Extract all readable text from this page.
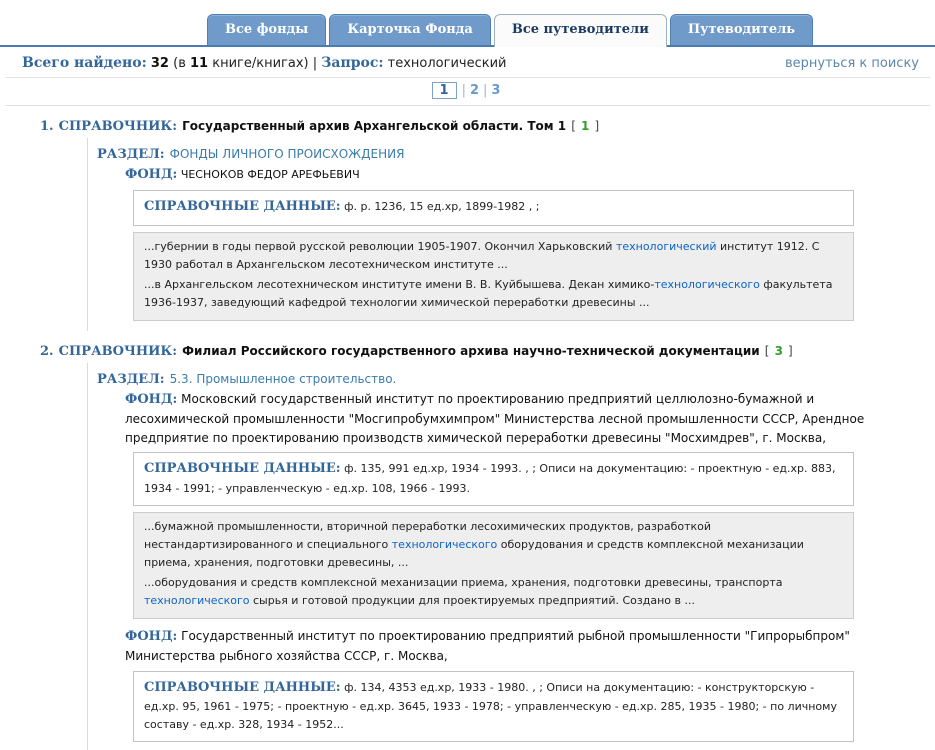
Все фонды	Карточка Фонда	Все путеводители	Путеводитель
Всего найдено: 32 (в 11 книге/книгах) | Запрос: технологический	вернуться к поиску
1 | 2 | 3
1. СПРАВОЧНИК: Государственный архив Архангельской области. Том 1 [ 1 ]
РАЗДЕЛ: ФОНДЫ ЛИЧНОГО ПРОИСХОЖДЕНИЯ
ФОНД: ЧЕСНОКОВ ФЕДОР АРЕФЬЕВИЧ
СПРАВОЧНЫЕ ДАННЫЕ: ф. р. 1236, 15 ед.хр, 1899-1982 , ;
...губернии в годы первой русской революции 1905-1907. Окончил Харьковский технологический институт 1912. С 1930 работал в Архангельском лесотехническом институте ...
...в Архангельском лесотехническом институте имени В. В. Куйбышева. Декан химико-технологического факультета 1936-1937, заведующий кафедрой технологии химической переработки древесины ...
2. СПРАВОЧНИК: Филиал Российского государственного архива научно-технической документации [ 3 ]
РАЗДЕЛ: 5.3. Промышленное строительство.
ФОНД: Московский государственный институт по проектированию предприятий целлюлозно-бумажной и лесохимической промышленности "Мосгипробумхимпром" Министерства лесной промышленности СССР, Арендное предприятие по проектированию производств химической переработки древесины "Мосхимдрев", г. Москва,
СПРАВОЧНЫЕ ДАННЫЕ: ф. 135, 991 ед.хр, 1934 - 1993. , ; Описи на документацию: - проектную - ед.хр. 883, 1934 - 1991; - управленческую - ед.хр. 108, 1966 - 1993.
...бумажной промышленности, вторичной переработки лесохимических продуктов, разработкой нестандартизированного и специального технологического оборудования и средств комплексной механизации приема, хранения, подготовки древесины, ...
...оборудования и средств комплексной механизации приема, хранения, подготовки древесины, транспорта технологического сырья и готовой продукции для проектируемых предприятий. Создано в ...
ФОНД: Государственный институт по проектированию предприятий рыбной промышленности "Гипрорыбпром" Министерства рыбного хозяйства СССР, г. Москва,
СПРАВОЧНЫЕ ДАННЫЕ: ф. 134, 4353 ед.хр, 1933 - 1980. , ; Описи на документацию: - конструкторскую - ед.хр. 95, 1961 - 1975; - проектную - ед.хр. 3645, 1933 - 1978; - управленческую - ед.хр. 285, 1935 - 1980; - по личному составу - ед.хр. 328, 1934 - 1952...
